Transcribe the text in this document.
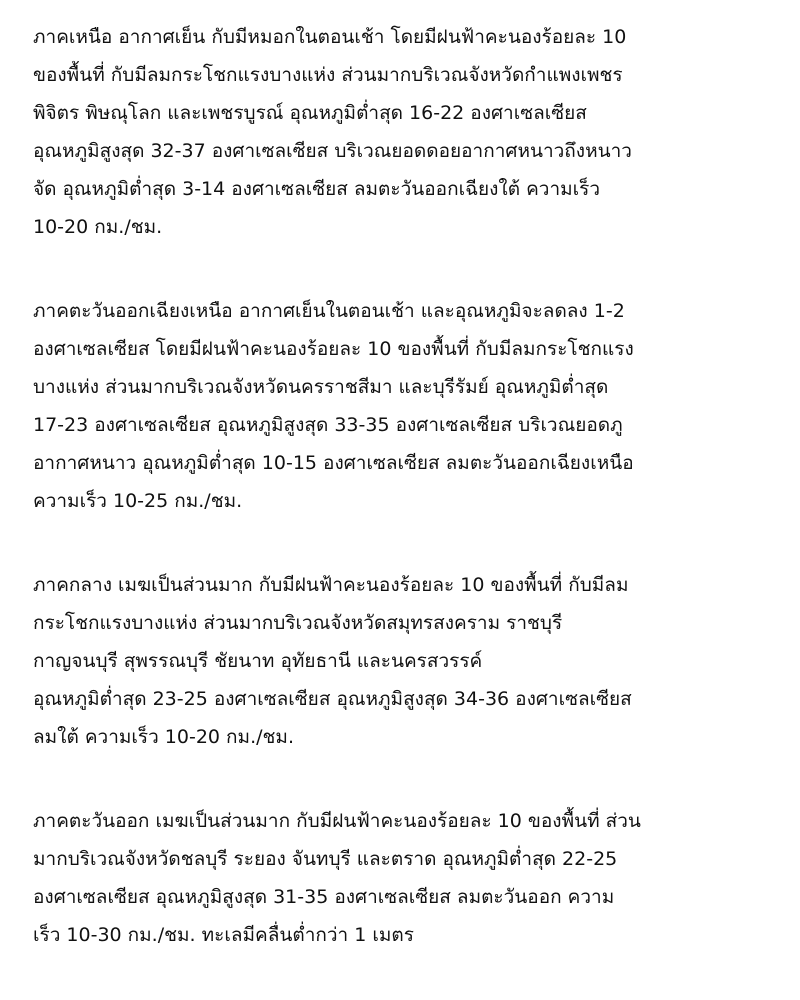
ภาคเหนือ อากาศเย็น กับมีหมอกในตอนเช้า โดยมีฝนฟ้าคะนองร้อยละ 10
ของพื้นที่ กับมีลมกระโชกแรงบางแห่ง ส่วนมากบริเวณจังหวัดกำแพงเพชร
พิจิตร พิษณุโลก และเพชรบูรณ์ อุณหภูมิต่ำสุด 16-22 องศาเซลเซียส
อุณหภูมิสูงสุด 32-37 องศาเซลเซียส บริเวณยอดดอยอากาศหนาวถึงหนาว
จัด อุณหภูมิต่ำสุด 3-14 องศาเซลเซียส ลมตะวันออกเฉียงใต้ ความเร็ว
10-20 กม./ชม.

ภาคตะวันออกเฉียงเหนือ อากาศเย็นในตอนเช้า และอุณหภูมิจะลดลง 1-2
องศาเซลเซียส โดยมีฝนฟ้าคะนองร้อยละ 10 ของพื้นที่ กับมีลมกระโชกแรง
บางแห่ง ส่วนมากบริเวณจังหวัดนครราชสีมา และบุรีรัมย์ อุณหภูมิต่ำสุด
17-23 องศาเซลเซียส อุณหภูมิสูงสุด 33-35 องศาเซลเซียส บริเวณยอดภู
อากาศหนาว อุณหภูมิต่ำสุด 10-15 องศาเซลเซียส ลมตะวันออกเฉียงเหนือ
ความเร็ว 10-25 กม./ชม.

ภาคกลาง เมฆเป็นส่วนมาก กับมีฝนฟ้าคะนองร้อยละ 10 ของพื้นที่ กับมีลม
กระโชกแรงบางแห่ง ส่วนมากบริเวณจังหวัดสมุทรสงคราม ราชบุรี
กาญจนบุรี สุพรรณบุรี ชัยนาท อุทัยธานี และนครสวรรค์
อุณหภูมิต่ำสุด 23-25 องศาเซลเซียส อุณหภูมิสูงสุด 34-36 องศาเซลเซียส
ลมใต้ ความเร็ว 10-20 กม./ชม.

ภาคตะวันออก เมฆเป็นส่วนมาก กับมีฝนฟ้าคะนองร้อยละ 10 ของพื้นที่ ส่วน
มากบริเวณจังหวัดชลบุรี ระยอง จันทบุรี และตราด อุณหภูมิต่ำสุด 22-25
องศาเซลเซียส อุณหภูมิสูงสุด 31-35 องศาเซลเซียส ลมตะวันออก ความ
เร็ว 10-30 กม./ชม. ทะเลมีคลื่นต่ำกว่า 1 เมตร
